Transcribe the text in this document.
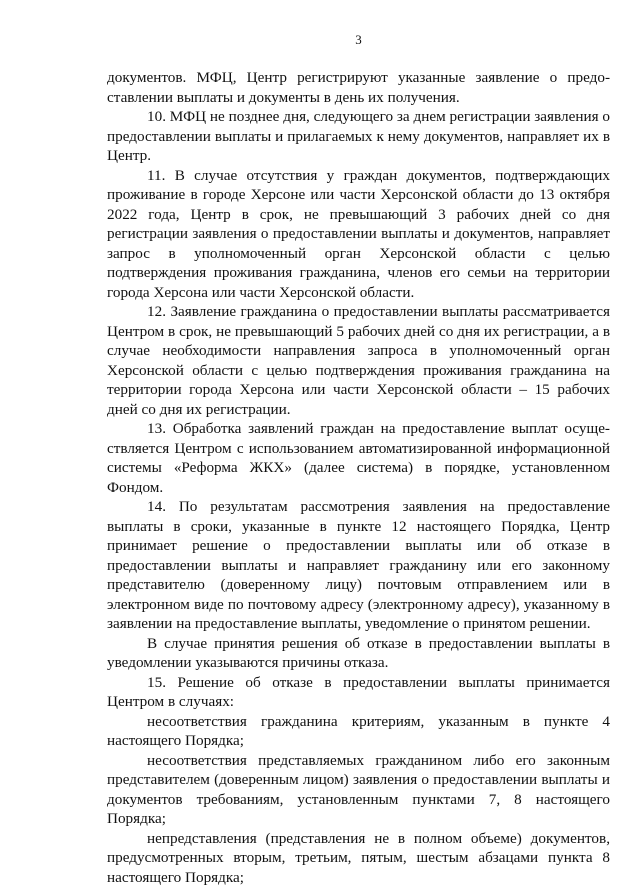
3

документов. МФЦ, Центр регистрируют указанные заявление о предо-ставлении выплаты и документы в день их получения.

10. МФЦ не позднее дня, следующего за днем регистрации заявления о предоставлении выплаты и прилагаемых к нему документов, направляет их в Центр.

11. В случае отсутствия у граждан документов, подтверждающих проживание в городе Херсоне или части Херсонской области до 13 октября 2022 года, Центр в срок, не превышающий 3 рабочих дней со дня регистрации заявления о предоставлении выплаты и документов, направляет запрос в уполномоченный орган Херсонской области с целью подтверждения проживания гражданина, членов его семьи на территории города Херсона или части Херсонской области.

12. Заявление гражданина о предоставлении выплаты рассматривается Центром в срок, не превышающий 5 рабочих дней со дня их регистрации, а в случае необходимости направления запроса в уполномоченный орган Херсонской области с целью подтверждения проживания гражданина на территории города Херсона или части Херсонской области – 15 рабочих дней со дня их регистрации.

13. Обработка заявлений граждан на предоставление выплат осуще-ствляется Центром с использованием автоматизированной информационной системы «Реформа ЖКХ» (далее система) в порядке, установленном Фондом.

14. По результатам рассмотрения заявления на предоставление выплаты в сроки, указанные в пункте 12 настоящего Порядка, Центр принимает решение о предоставлении выплаты или об отказе в предоставлении выплаты и направляет гражданину или его законному представителю (доверенному лицу) почтовым отправлением или в электронном виде по почтовому адресу (электронному адресу), указанному в заявлении на предоставление выплаты, уведомление о принятом решении.

В случае принятия решения об отказе в предоставлении выплаты в уведомлении указываются причины отказа.

15. Решение об отказе в предоставлении выплаты принимается Центром в случаях:

несоответствия гражданина критериям, указанным в пункте 4 настоящего Порядка;

несоответствия представляемых гражданином либо его законным представителем (доверенным лицом) заявления о предоставлении выплаты и документов требованиям, установленным пунктами 7, 8 настоящего Порядка;

непредставления (представления не в полном объеме) документов, предусмотренных вторым, третьим, пятым, шестым абзацами пункта 8 настоящего Порядка;
